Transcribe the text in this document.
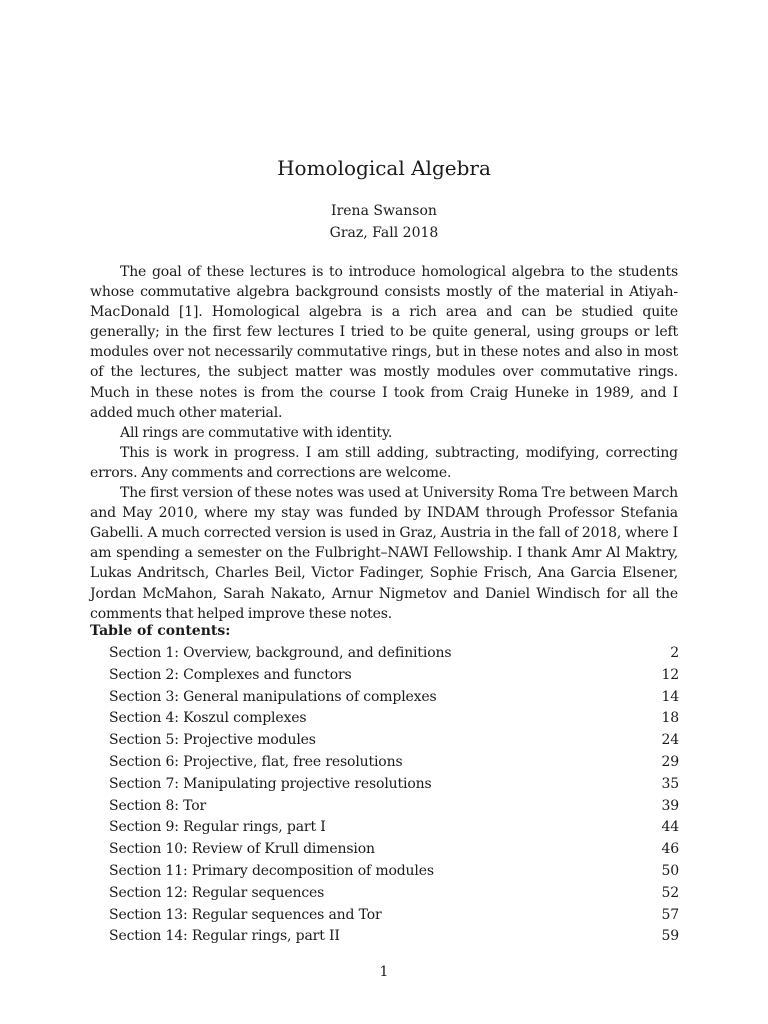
Homological Algebra
Irena Swanson
Graz, Fall 2018

The goal of these lectures is to introduce homological algebra to the students whose commutative algebra background consists mostly of the material in Atiyah-MacDonald [1]. Homological algebra is a rich area and can be studied quite generally; in the first few lectures I tried to be quite general, using groups or left modules over not necessarily commutative rings, but in these notes and also in most of the lectures, the subject matter was mostly modules over commutative rings. Much in these notes is from the course I took from Craig Huneke in 1989, and I added much other material.

All rings are commutative with identity.

This is work in progress. I am still adding, subtracting, modifying, correcting errors. Any comments and corrections are welcome.

The first version of these notes was used at University Roma Tre between March and May 2010, where my stay was funded by INDAM through Professor Stefania Gabelli. A much corrected version is used in Graz, Austria in the fall of 2018, where I am spending a semester on the Fulbright–NAWI Fellowship. I thank Amr Al Maktry, Lukas Andritsch, Charles Beil, Victor Fadinger, Sophie Frisch, Ana Garcia Elsener, Jordan McMahon, Sarah Nakato, Arnur Nigmetov and Daniel Windisch for all the comments that helped improve these notes.

Table of contents:
Section 1: Overview, background, and definitions	2
Section 2: Complexes and functors	12
Section 3: General manipulations of complexes	14
Section 4: Koszul complexes	18
Section 5: Projective modules	24
Section 6: Projective, flat, free resolutions	29
Section 7: Manipulating projective resolutions	35
Section 8: Tor	39
Section 9: Regular rings, part I	44
Section 10: Review of Krull dimension	46
Section 11: Primary decomposition of modules	50
Section 12: Regular sequences	52
Section 13: Regular sequences and Tor	57
Section 14: Regular rings, part II	59
1
